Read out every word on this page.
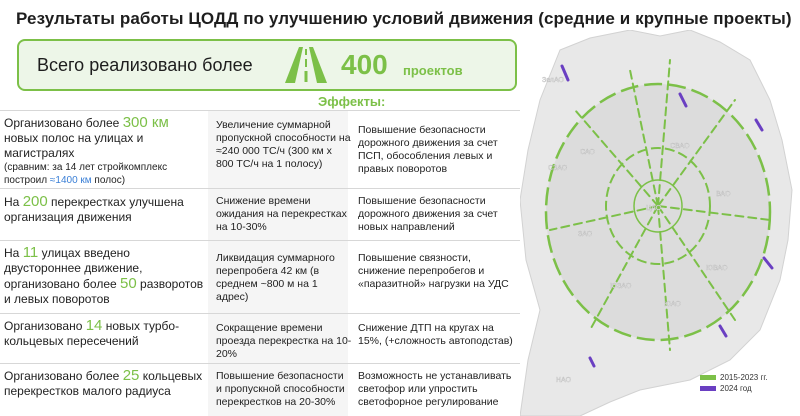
Результаты работы ЦОДД по улучшению условий движения (средние и крупные проекты)
Всего реализовано более	400 проектов
Эффекты:
Организовано более 300 км новых полос на улицах и магистралях
(сравним: за 14 лет стройкомплекс построил ≈1400 км полос)
Увеличение суммарной пропускной способности на ≈240 000 ТС/ч (300 км х 800 ТС/ч на 1 полосу)
Повышение безопасности дорожного движения за счет ПСП, обособления левых и правых поворотов
На 200 перекрестках улучшена организация движения
Снижение времени ожидания на перекрестках на 10-30%
Повышение безопасности дорожного движения за счет новых направлений
На 11 улицах введено двустороннее движение, организовано более 50 разворотов и левых поворотов
Ликвидация суммарного перепробега 42 км (в среднем ~800 м на 1 адрес)
Повышение связности, снижение перепробегов и «паразитной» нагрузки на УДС
Организовано 14 новых турбо-кольцевых пересечений
Сокращение времени проезда перекрестка на 10-20%
Снижение ДТП на кругах на 15%, (+сложность автоподстав)
Организовано более 25 кольцевых перекрестков малого радиуса
Повышение безопасности и пропускной способности перекрестков на 20-30%
Возможность не устанавливать светофор или упростить светофорное регулирование
САО
СВАО
ВАО
ЮВАО
ЮАО
ЮЗАО
ЗАО
СЗАО
ЦАО
ЗелАО
НАО	2015-2023 гг.
2024 год
